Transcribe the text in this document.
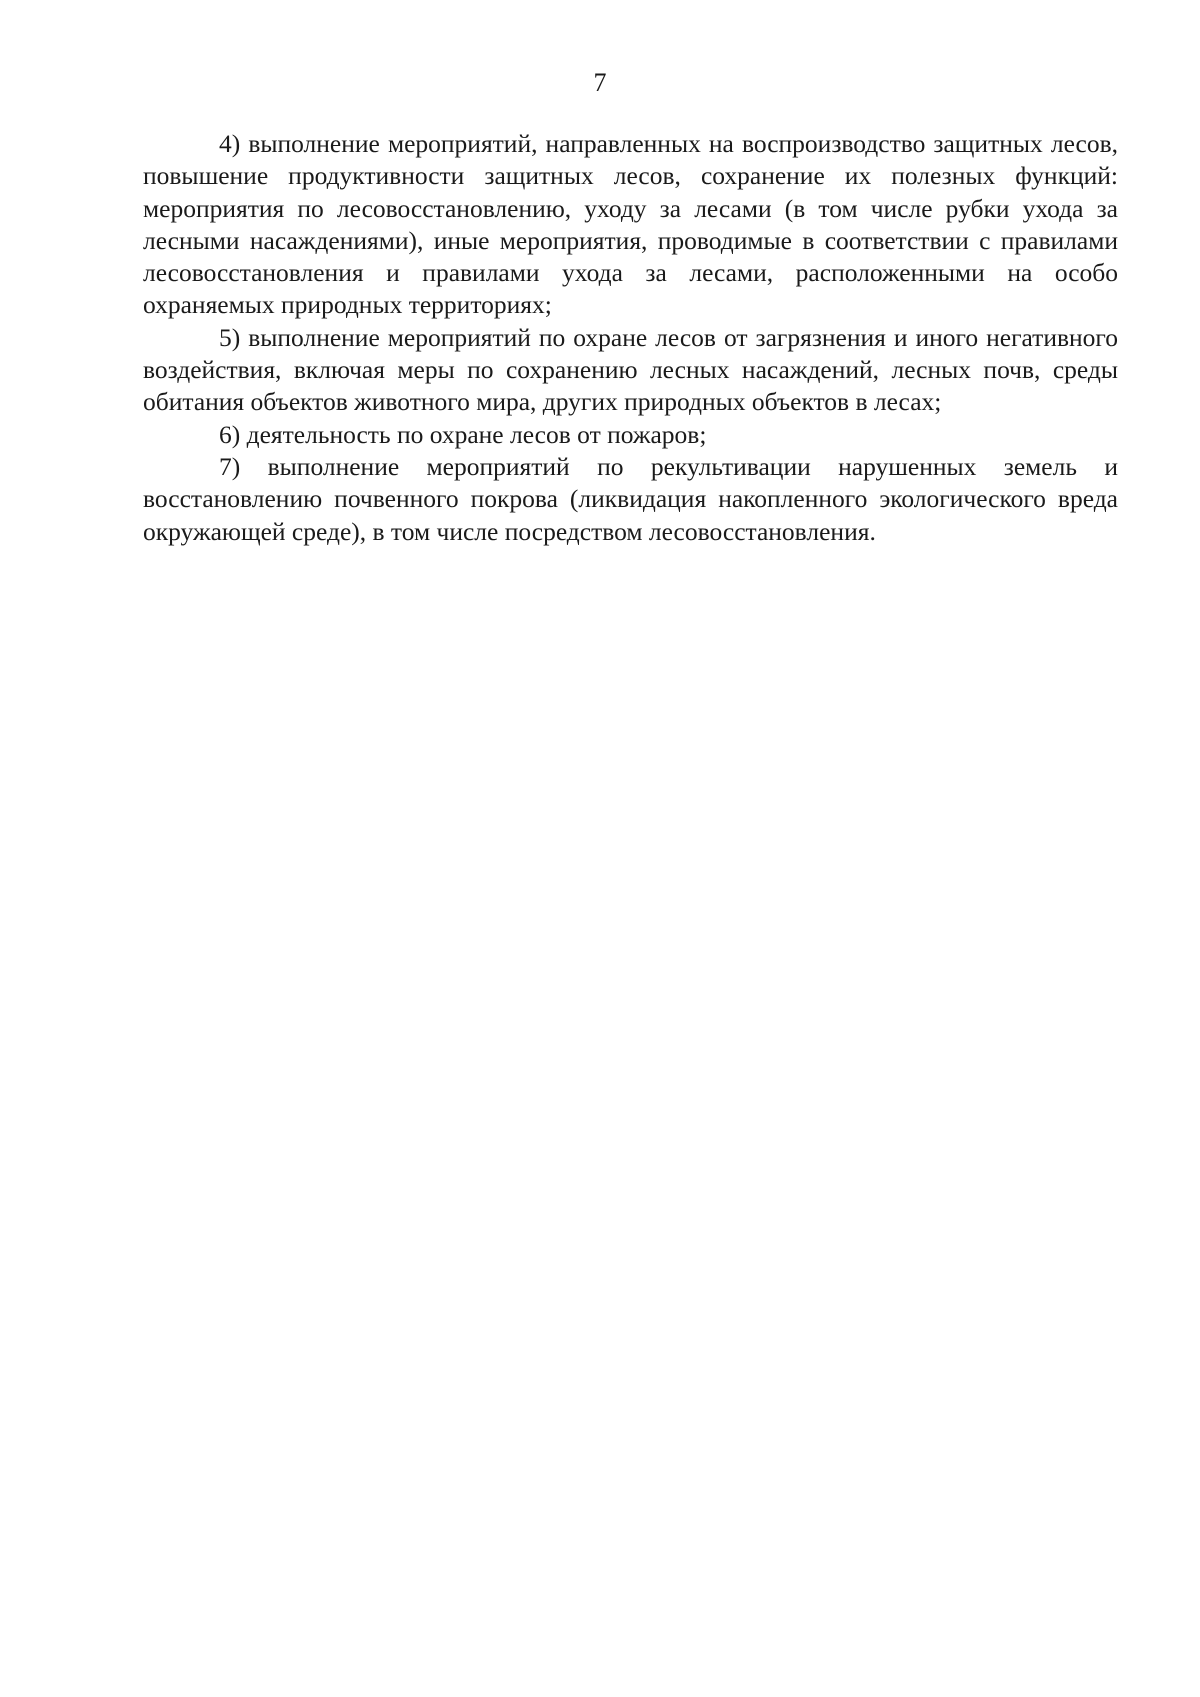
7

4) выполнение мероприятий, направленных на воспроизводство защитных лесов, повышение продуктивности защитных лесов, сохранение их полезных функций: мероприятия по лесовосстановлению, уходу за лесами (в том числе рубки ухода за лесными насаждениями), иные мероприятия, проводимые в соответствии с правилами лесовосстановления и правилами ухода за лесами, расположенными на особо охраняемых природных территориях;

5) выполнение мероприятий по охране лесов от загрязнения и иного негативного воздействия, включая меры по сохранению лесных насаждений, лесных почв, среды обитания объектов животного мира, других природных объектов в лесах;

6) деятельность по охране лесов от пожаров;

7) выполнение мероприятий по рекультивации нарушенных земель и восстановлению почвенного покрова (ликвидация накопленного экологического вреда окружающей среде), в том числе посредством лесовосстановления.
